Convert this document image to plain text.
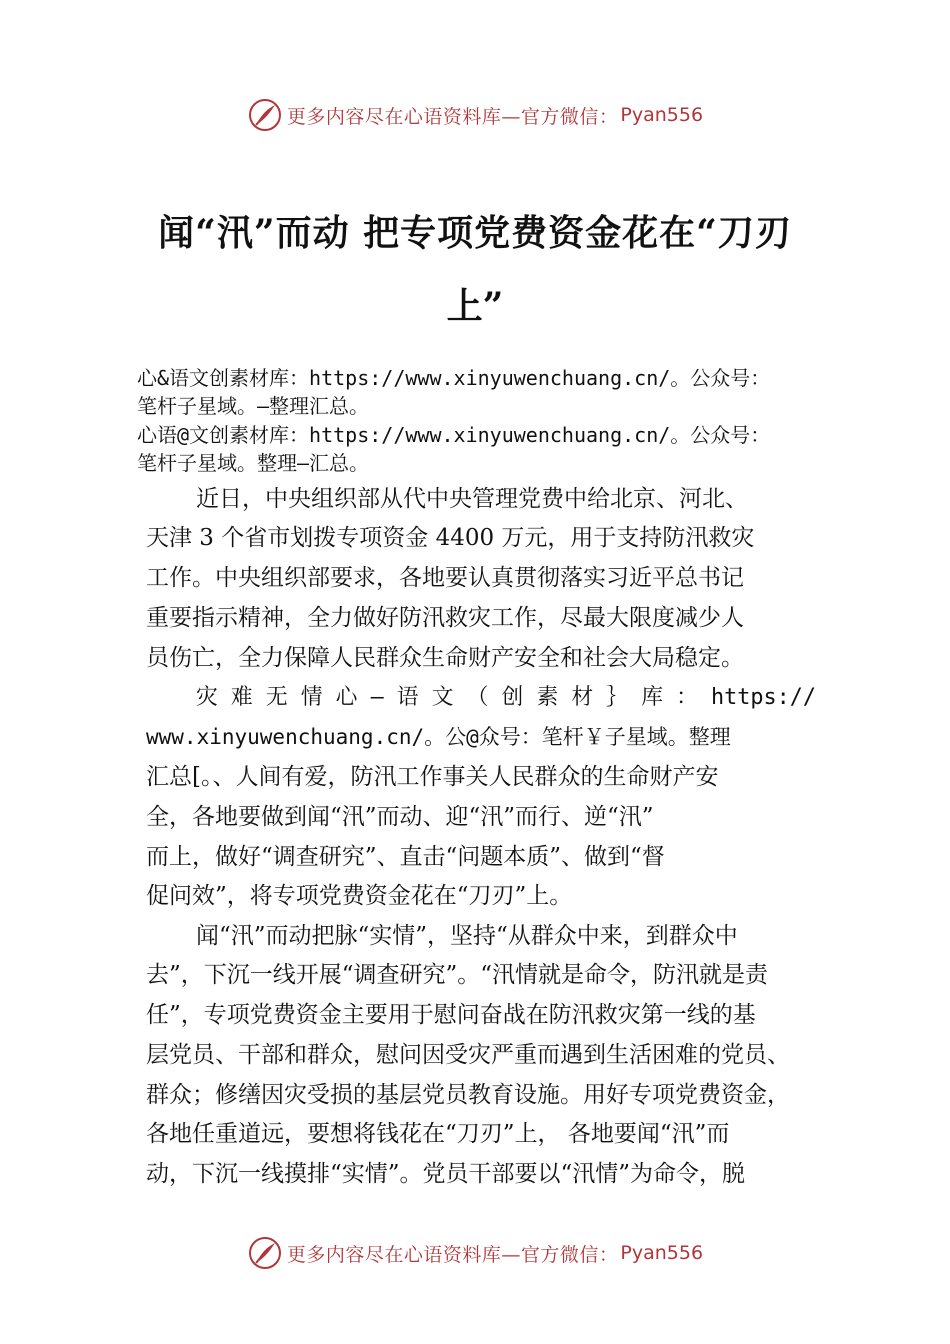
更多内容尽在心语资料库—官方微信： Pyan556
闻“汛”而动 把专项党费资金花在“刀刃
上”
心&语文创素材库：https://www.xinyuwenchuang.cn/。公众号：
笔杆子星域。—整理汇总。
心语@文创素材库：https://www.xinyuwenchuang.cn/。公众号：
笔杆子星域。整理—汇总。
近日，中央组织部从代中央管理党费中给北京、河北、
天津 3 个省市划拨专项资金 4400 万元，用于支持防汛救灾
工作。中央组织部要求，各地要认真贯彻落实习近平总书记
重要指示精神，全力做好防汛救灾工作，尽最大限度减少人
员伤亡，全力保障人民群众生命财产安全和社会大局稳定。
灾 难 无 情 心 — 语 文 （ 创 素 材 ｝ 库 ： https://
www.xinyuwenchuang.cn/。公@众号：笔杆￥子星域。整理
汇总[。、人间有爱，防汛工作事关人民群众的生命财产安
全，各地要做到闻“汛”而动、迎“汛”而行、逆“汛”
而上，做好“调查研究”、直击“问题本质”、做到“督
促问效”，将专项党费资金花在“刀刃”上。
闻“汛”而动把脉“实情”，坚持“从群众中来，到群众中
去”，下沉一线开展“调查研究”。“汛情就是命令，防汛就是责
任”，专项党费资金主要用于慰问奋战在防汛救灾第一线的基
层党员、干部和群众，慰问因受灾严重而遇到生活困难的党员、
群众；修缮因灾受损的基层党员教育设施。用好专项党费资金，
各地任重道远，要想将钱花在“刀刃”上， 各地要闻“汛”而
动，下沉一线摸排“实情”。党员干部要以“汛情”为命令，脱
更多内容尽在心语资料库—官方微信： Pyan556
